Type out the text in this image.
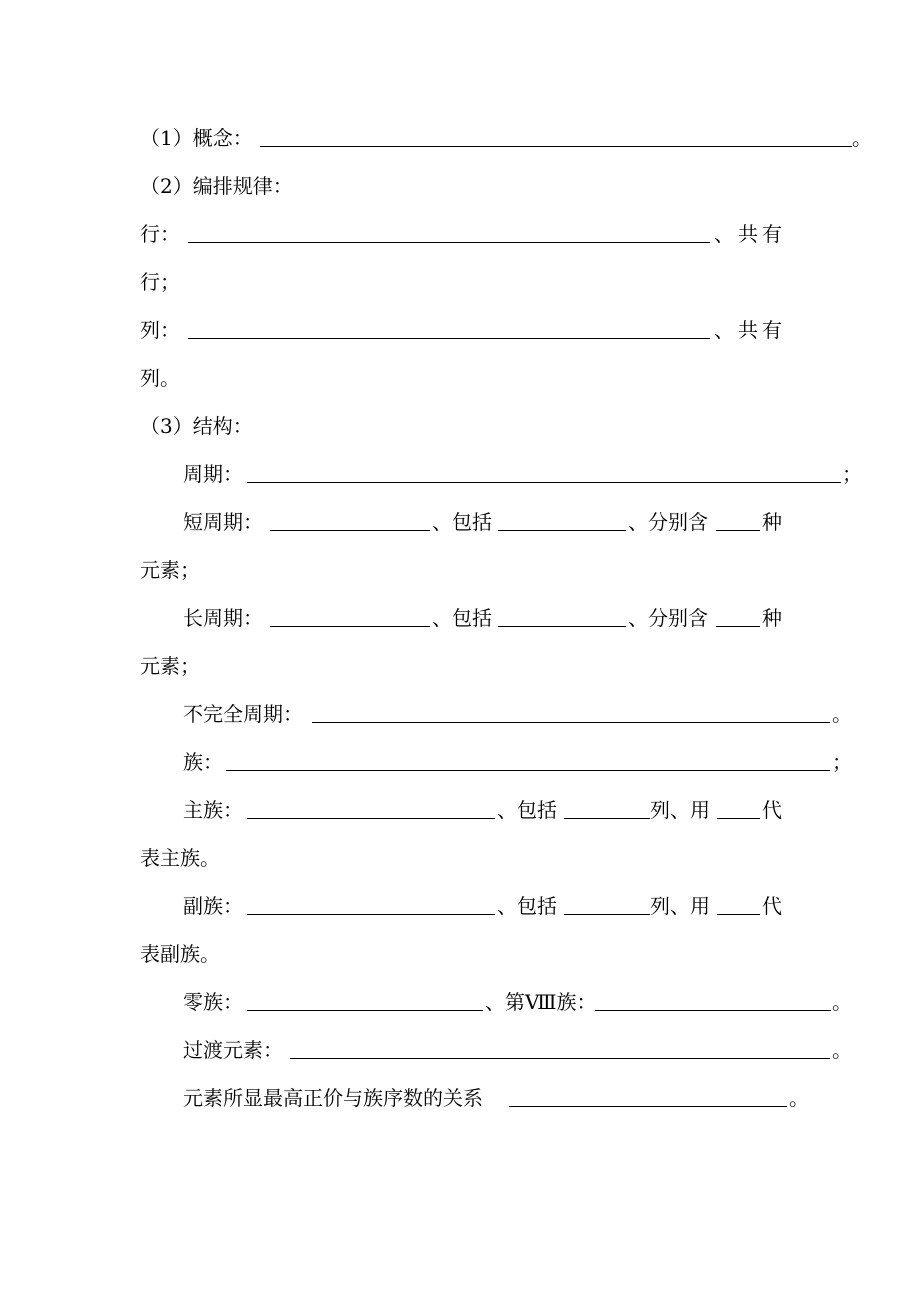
（1）概念：	。
（2）编排规律：
行：	、共有
行；
列：	、共有
列。
（3）结构：
周期：	；
短周期：	、包括	、分别含	种
元素；
长周期：	、包括	、分别含	种
元素；
不完全周期：	。
族：	；
主族：	、包括	列、用	代
表主族。
副族：	、包括	列、用	代
表副族。
零族：	、第Ⅷ族：	。
过渡元素：	。
元素所显最高正价与族序数的关系	。
